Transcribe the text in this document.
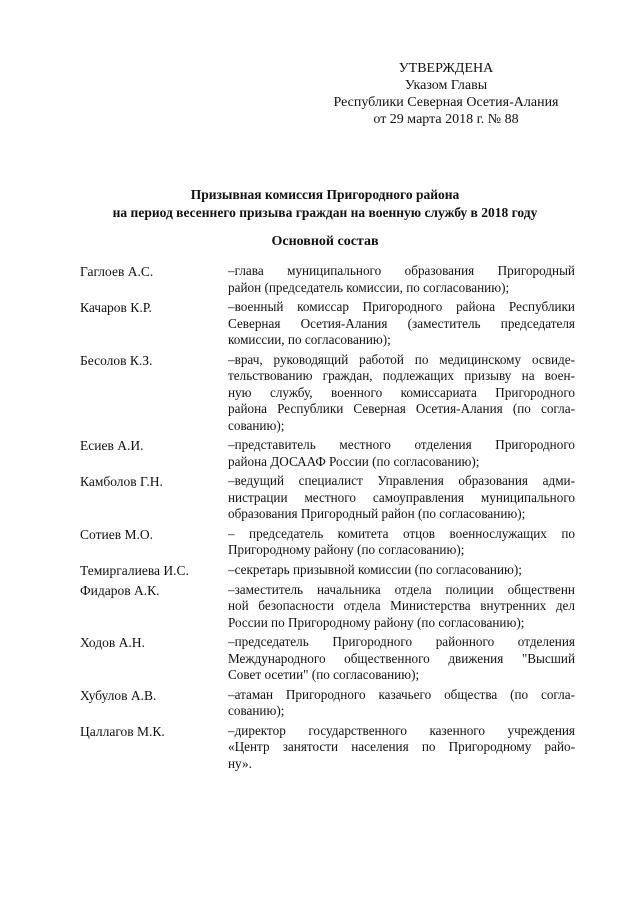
УТВЕРЖДЕНА
Указом Главы
Республики Северная Осетия-Алания
от 29 марта 2018 г. № 88
Призывная комиссия Пригородного района
на период весеннего призыва граждан на военную службу в 2018 году
Основной состав
Гаглоев А.С.	–глава муниципального образования Пригородный
район (председатель комиссии, по согласованию);
Качаров К.Р.	–военный комиссар Пригородного района Республики
Северная Осетия-Алания (заместитель председателя
комиссии, по согласованию);
Бесолов К.З.	–врач, руководящий работой по медицинскому освиде-
тельствованию граждан, подлежащих призыву на воен-
ную службу, военного комиссариата Пригородного
района Республики Северная Осетия-Алания (по согла-
сованию);
Есиев А.И.	–представитель местного отделения Пригородного
района ДОСААФ России (по согласованию);
Камболов Г.Н.	–ведущий специалист Управления образования адми-
нистрации местного самоуправления муниципального
образования Пригородный район (по согласованию);
Сотиев М.О.	– председатель комитета отцов военнослужащих по
Пригородному району (по согласованию);
Темиргалиева И.С.	–секретарь призывной комиссии (по согласованию);
Фидаров А.К.	–заместитель начальника отдела полиции общественн
ной безопасности отдела Министерства внутренних дел
России по Пригородному району (по согласованию);
Ходов А.Н.	–председатель Пригородного районного отделения
Международного общественного движения "Высший
Совет осетии" (по согласованию);
Хубулов А.В.	–атаман Пригородного казачьего общества (по согла-
сованию);
Цаллагов М.К.	–директор государственного казенного учреждения
«Центр занятости населения по Пригородному райо-
ну».
